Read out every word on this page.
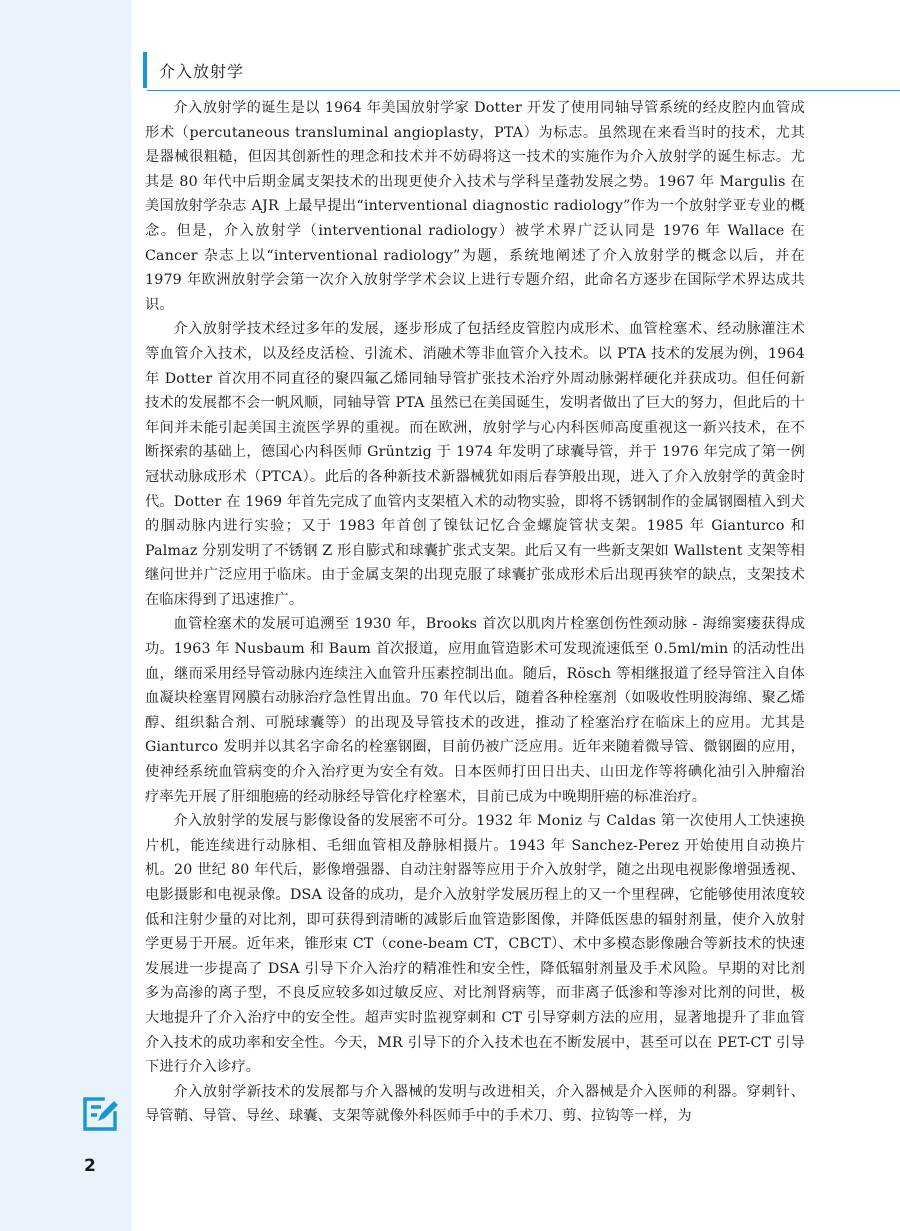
介入放射学

介入放射学的诞生是以 1964 年美国放射学家 Dotter 开发了使用同轴导管系统的经皮腔内血管成形术（percutaneous transluminal angioplasty，PTA）为标志。虽然现在来看当时的技术，尤其是器械很粗糙，但因其创新性的理念和技术并不妨碍将这一技术的实施作为介入放射学的诞生标志。尤其是 80 年代中后期金属支架技术的出现更使介入技术与学科呈蓬勃发展之势。1967 年 Margulis 在美国放射学杂志 AJR 上最早提出“interventional diagnostic radiology”作为一个放射学亚专业的概念。但是，介入放射学（interventional radiology）被学术界广泛认同是 1976 年 Wallace 在 Cancer 杂志上以“interventional radiology”为题，系统地阐述了介入放射学的概念以后，并在 1979 年欧洲放射学会第一次介入放射学学术会议上进行专题介绍，此命名方逐步在国际学术界达成共识。

介入放射学技术经过多年的发展，逐步形成了包括经皮管腔内成形术、血管栓塞术、经动脉灌注术等血管介入技术，以及经皮活检、引流术、消融术等非血管介入技术。以 PTA 技术的发展为例，1964 年 Dotter 首次用不同直径的聚四氟乙烯同轴导管扩张技术治疗外周动脉粥样硬化并获成功。但任何新技术的发展都不会一帆风顺，同轴导管 PTA 虽然已在美国诞生，发明者做出了巨大的努力，但此后的十年间并未能引起美国主流医学界的重视。而在欧洲，放射学与心内科医师高度重视这一新兴技术，在不断探索的基础上，德国心内科医师 Grüntzig 于 1974 年发明了球囊导管，并于 1976 年完成了第一例冠状动脉成形术（PTCA）。此后的各种新技术新器械犹如雨后春笋般出现，进入了介入放射学的黄金时代。Dotter 在 1969 年首先完成了血管内支架植入术的动物实验，即将不锈钢制作的金属钢圈植入到犬的腘动脉内进行实验；又于 1983 年首创了镍钛记忆合金螺旋管状支架。1985 年 Gianturco 和 Palmaz 分别发明了不锈钢 Z 形自膨式和球囊扩张式支架。此后又有一些新支架如 Wallstent 支架等相继问世并广泛应用于临床。由于金属支架的出现克服了球囊扩张成形术后出现再狭窄的缺点，支架技术在临床得到了迅速推广。

血管栓塞术的发展可追溯至 1930 年，Brooks 首次以肌肉片栓塞创伤性颈动脉 - 海绵窦瘘获得成功。1963 年 Nusbaum 和 Baum 首次报道，应用血管造影术可发现流速低至 0.5ml/min 的活动性出血，继而采用经导管动脉内连续注入血管升压素控制出血。随后，Rösch 等相继报道了经导管注入自体血凝块栓塞胃网膜右动脉治疗急性胃出血。70 年代以后，随着各种栓塞剂（如吸收性明胶海绵、聚乙烯醇、组织黏合剂、可脱球囊等）的出现及导管技术的改进，推动了栓塞治疗在临床上的应用。尤其是 Gianturco 发明并以其名字命名的栓塞钢圈，目前仍被广泛应用。近年来随着微导管、微钢圈的应用，使神经系统血管病变的介入治疗更为安全有效。日本医师打田日出夫、山田龙作等将碘化油引入肿瘤治疗率先开展了肝细胞癌的经动脉经导管化疗栓塞术，目前已成为中晚期肝癌的标准治疗。

介入放射学的发展与影像设备的发展密不可分。1932 年 Moniz 与 Caldas 第一次使用人工快速换片机，能连续进行动脉相、毛细血管相及静脉相摄片。1943 年 Sanchez-Perez 开始使用自动换片机。20 世纪 80 年代后，影像增强器、自动注射器等应用于介入放射学，随之出现电视影像增强透视、电影摄影和电视录像。DSA 设备的成功，是介入放射学发展历程上的又一个里程碑，它能够使用浓度较低和注射少量的对比剂，即可获得到清晰的减影后血管造影图像，并降低医患的辐射剂量，使介入放射学更易于开展。近年来，锥形束 CT（cone-beam CT，CBCT）、术中多模态影像融合等新技术的快速发展进一步提高了 DSA 引导下介入治疗的精准性和安全性，降低辐射剂量及手术风险。早期的对比剂多为高渗的离子型，不良反应较多如过敏反应、对比剂肾病等，而非离子低渗和等渗对比剂的问世，极大地提升了介入治疗中的安全性。超声实时监视穿刺和 CT 引导穿刺方法的应用，显著地提升了非血管介入技术的成功率和安全性。今天，MR 引导下的介入技术也在不断发展中，甚至可以在 PET-CT 引导下进行介入诊疗。

介入放射学新技术的发展都与介入器械的发明与改进相关，介入器械是介入医师的利器。穿刺针、导管鞘、导管、导丝、球囊、支架等就像外科医师手中的手术刀、剪、拉钩等一样，为

2
